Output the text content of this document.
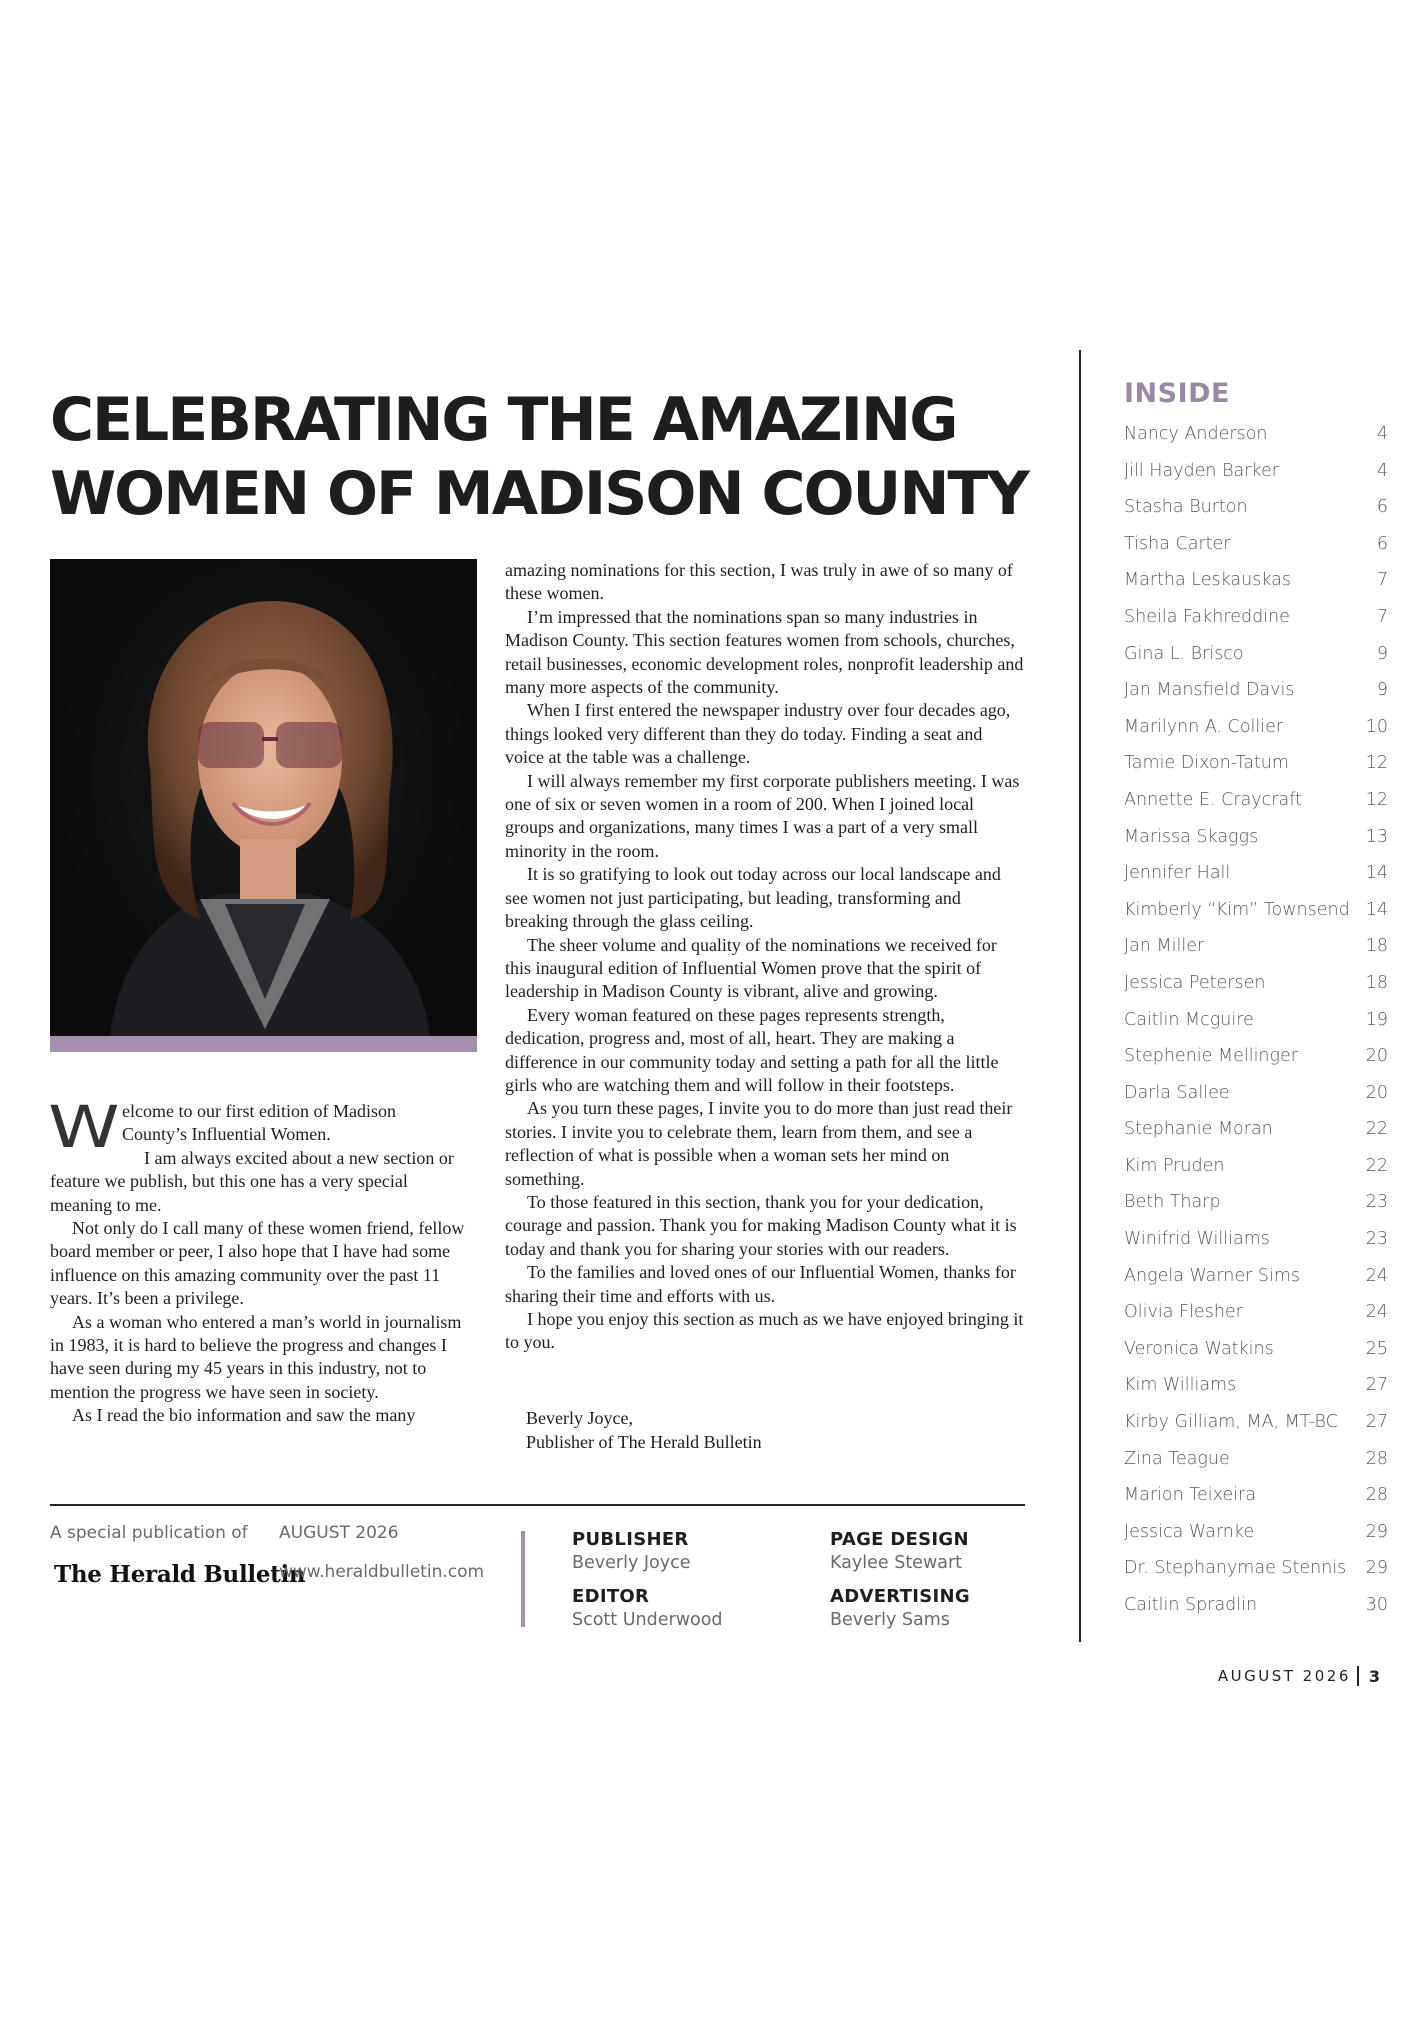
CELEBRATING THE AMAZING
WOMEN OF MADISON COUNTY

Welcome to our first edition of Madison County’s Influential Women.

I am always excited about a new section or feature we publish, but this one has a very special meaning to me.

Not only do I call many of these women friend, fellow board member or peer, I also hope that I have had some influence on this amazing community over the past 11 years. It’s been a privilege.

As a woman who entered a man’s world in journalism in 1983, it is hard to believe the progress and changes I have seen during my 45 years in this industry, not to mention the progress we have seen in society.

As I read the bio information and saw the many

amazing nominations for this section, I was truly in awe of so many of these women.

I’m impressed that the nominations span so many industries in Madison County. This section features women from schools, churches, retail businesses, economic development roles, nonprofit leadership and many more aspects of the community.

When I first entered the newspaper industry over four decades ago, things looked very different than they do today. Finding a seat and voice at the table was a challenge.

I will always remember my first corporate publishers meeting. I was one of six or seven women in a room of 200. When I joined local groups and organizations, many times I was a part of a very small minority in the room.

It is so gratifying to look out today across our local landscape and see women not just participating, but leading, transforming and breaking through the glass ceiling.

The sheer volume and quality of the nominations we received for this inaugural edition of Influential Women prove that the spirit of leadership in Madison County is vibrant, alive and growing.

Every woman featured on these pages represents strength, dedication, progress and, most of all, heart. They are making a difference in our community today and setting a path for all the little girls who are watching them and will follow in their footsteps.

As you turn these pages, I invite you to do more than just read their stories. I invite you to celebrate them, learn from them, and see a reflection of what is possible when a woman sets her mind on something.

To those featured in this section, thank you for your dedication, courage and passion. Thank you for making Madison County what it is today and thank you for sharing your stories with our readers.

To the families and loved ones of our Influential Women, thanks for sharing their time and efforts with us.

I hope you enjoy this section as much as we have enjoyed bringing it to you.

Beverly Joyce,
Publisher of The Herald Bulletin
INSIDE
Nancy Anderson	4
Jill Hayden Barker	4
Stasha Burton	6
Tisha Carter	6
Martha Leskauskas	7
Sheila Fakhreddine	7
Gina L. Brisco	9
Jan Mansfield Davis	9
Marilynn A. Collier	10
Tamie Dixon-Tatum	12
Annette E. Craycraft	12
Marissa Skaggs	13
Jennifer Hall	14
Kimberly “Kim” Townsend 14
Jan Miller	18
Jessica Petersen	18
Caitlin Mcguire	19
Stephenie Mellinger	20
Darla Sallee	20
Stephanie Moran	22
Kim Pruden	22
Beth Tharp	23
Winifrid Williams	23
Angela Warner Sims	24
Olivia Flesher	24
Veronica Watkins	25
Kim Williams	27
Kirby Gilliam, MA, MT-BC 27
Zina Teague	28
Marion Teixeira	28
Jessica Warnke	29
Dr. Stephanymae Stennis 29
Caitlin Spradlin	30
A special publication of
The Herald Bulletin
AUGUST 2026
www.heraldbulletin.com
PUBLISHER
Beverly Joyce
EDITOR
Scott Underwood
PAGE DESIGN
Kaylee Stewart
ADVERTISING
Beverly Sams
AUGUST 2026 3
